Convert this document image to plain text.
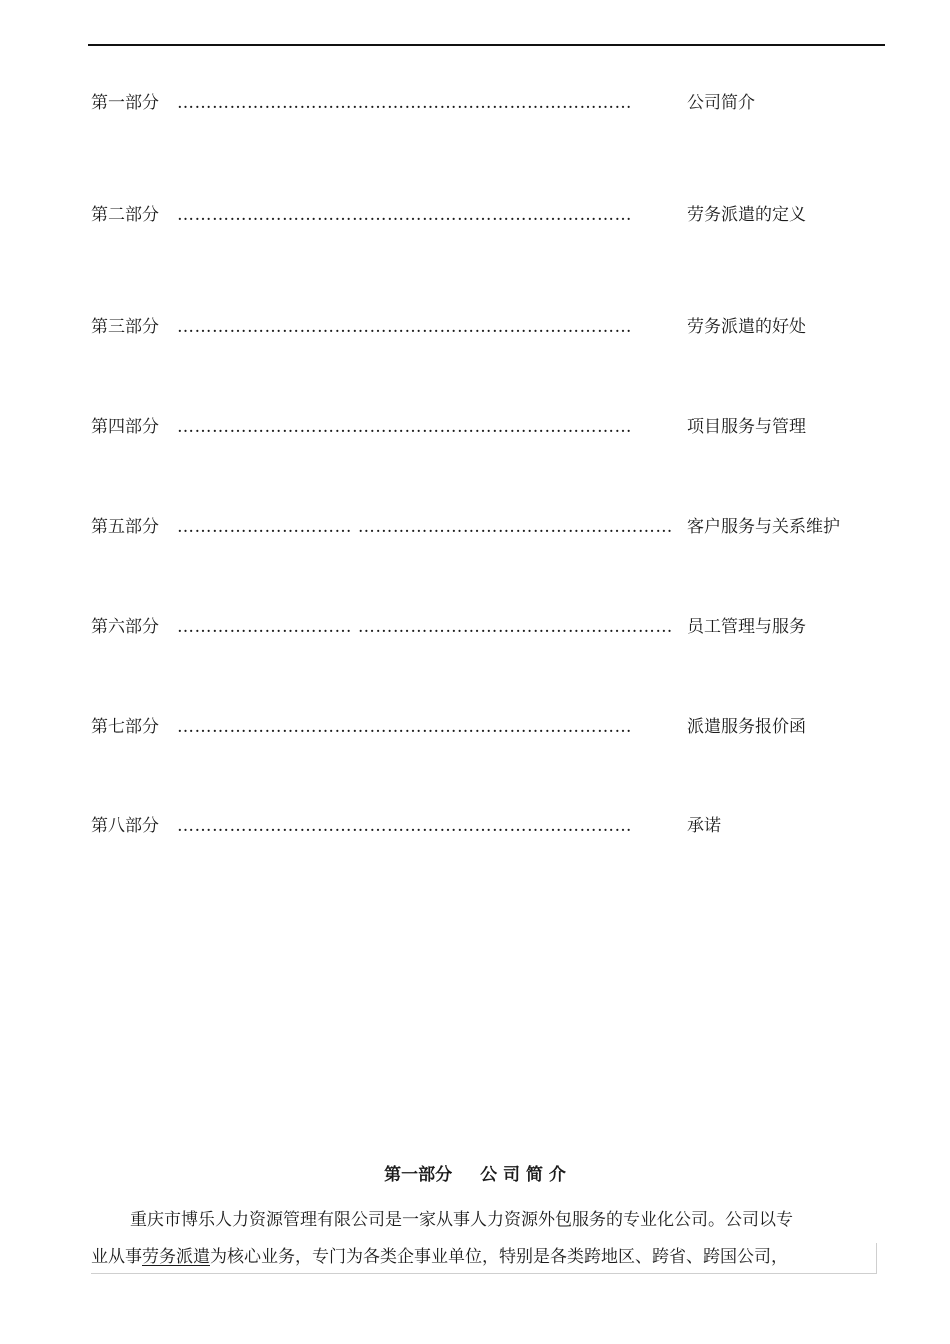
第一部分 ……………………………………………………………………	公司简介
第二部分 ……………………………………………………………………	劳务派遣的定义
第三部分 ……………………………………………………………………	劳务派遣的好处
第四部分 ……………………………………………………………………	项目服务与管理
第五部分 ………………………… ……………………………………………… 客户服务与关系维护
第六部分 ………………………… ……………………………………………… 员工管理与服务
第七部分 ……………………………………………………………………	派遣服务报价函
第八部分 ……………………………………………………………………	承诺
第一部分 公 司 简 介
重庆市博乐人力资源管理有限公司是一家从事人力资源外包服务的专业化公司。公司以专
业从事劳务派遣为核心业务，专门为各类企事业单位，特别是各类跨地区、跨省、跨国公司，
